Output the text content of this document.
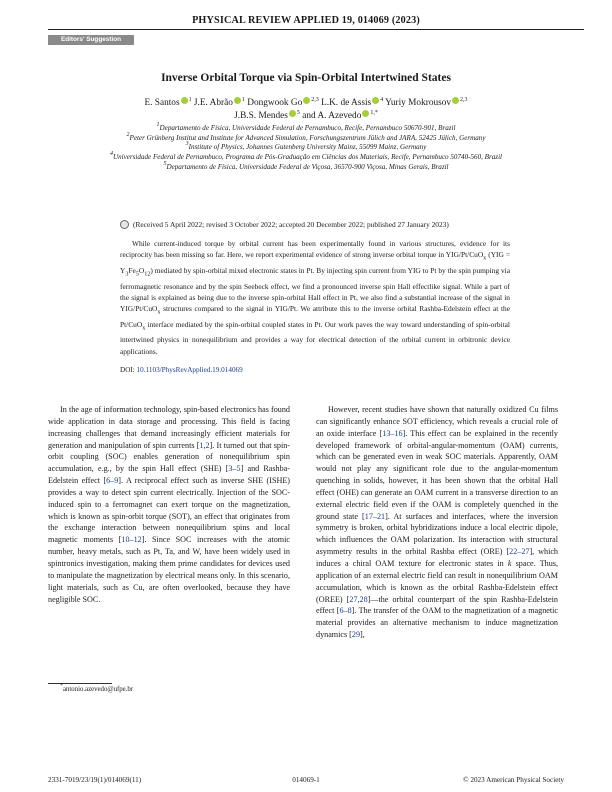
PHYSICAL REVIEW APPLIED 19, 014069 (2023)
Editors' Suggestion
Inverse Orbital Torque via Spin-Orbital Intertwined States
E. Santos $^1$ J.E. Abrão $^1$ Dongwook Go $^{2,3}$ L.K. de Assis $^4$ Yuriy Mokrousov $^{2,3}$
J.B.S. Mendes $^5$ and A. Azevedo $^{1,*}$

$^1$Departamento de Física, Universidade Federal de Pernambuco, Recife, Pernambuco 50670-901, Brazil

$^2$Peter Grünberg Institut and Institute for Advanced Simulation, Forschungszentrum Jülich and JARA, 52425 Jülich, Germany

$^3$Institute of Physics, Johannes Gutenberg University Mainz, 55099 Mainz, Germany

$^4$Universidade Federal de Pernambuco, Programa de Pós-Graduação em Ciências dos Materiais, Recife, Pernambuco 50740-560, Brazil

$^5$Departamento de Física, Universidade Federal de Viçosa, 36570-900 Viçosa, Minas Gerais, Brazil

(Received 5 April 2022; revised 3 October 2022; accepted 20 December 2022; published 27 January 2023)

While current-induced torque by orbital current has been experimentally found in various structures, evidence for its reciprocity has been missing so far. Here, we report experimental evidence of strong inverse orbital torque in YIG/Pt/CuO$_x$ $(YIG = Y_3Fe_5O_{12})$ mediated by spin-orbital mixed electronic states in Pt. By injecting spin current from YIG to Pt by the spin pumping via ferromagnetic resonance and by the spin Seebeck effect, we find a pronounced inverse spin Hall effectlike signal. While a part of the signal is explained as being due to the inverse spin-orbital Hall effect in Pt, we also find a substantial increase of the signal in YIG/Pt/CuO$_x$ structures compared to the signal in YIG/Pt. We attribute this to the inverse orbital Rashba-Edelstein effect at the Pt/CuO$_x$ interface mediated by the spin-orbital coupled states in Pt. Our work paves the way toward understanding of spin-orbital intertwined physics in nonequilibrium and provides a way for electrical detection of the orbital current in orbitronic device applications.

DOI: 10.1103/PhysRevApplied.19.014069

In the age of information technology, spin-based electronics has found wide application in data storage and processing. This field is facing increasing challenges that demand increasingly efficient materials for generation and manipulation of spin currents [1,2]. It turned out that spin-orbit coupling (SOC) enables generation of nonequilibrium spin accumulation, e.g., by the spin Hall effect (SHE) [3–5] and Rashba-Edelstein effect [6–9]. A reciprocal effect such as inverse SHE (ISHE) provides a way to detect spin current electrically. Injection of the SOC-induced spin to a ferromagnet can exert torque on the magnetization, which is known as spin-orbit torque (SOT), an effect that originates from the exchange interaction between nonequilibrium spins and local magnetic moments [10–12]. Since SOC increases with the atomic number, heavy metals, such as Pt, Ta, and W, have been widely used in spintronics investigation, making them prime candidates for devices used to manipulate the magnetization by electrical means only. In this scenario, light materials, such as Cu, are often overlooked, because they have negligible SOC.

However, recent studies have shown that naturally oxidized Cu films can significantly enhance SOT efficiency, which reveals a crucial role of an oxide interface [13–16]. This effect can be explained in the recently developed framework of orbital-angular-momentum (OAM) currents, which can be generated even in weak SOC materials. Apparently, OAM would not play any significant role due to the angular-momentum quenching in solids, however, it has been shown that the orbital Hall effect (OHE) can generate an OAM current in a transverse direction to an external electric field even if the OAM is completely quenched in the ground state [17–21]. At surfaces and interfaces, where the inversion symmetry is broken, orbital hybridizations induce a local electric dipole, which influences the OAM polarization. Its interaction with structural asymmetry results in the orbital Rashba effect (ORE) [22–27], which induces a chiral OAM texture for electronic states in k space. Thus, application of an external electric field can result in nonequilibrium OAM accumulation, which is known as the orbital Rashba-Edelstein effect (OREE) [27,28]—the orbital counterpart of the spin Rashba-Edelstein effect [6–8]. The transfer of the OAM to the magnetization of a magnetic material provides an alternative mechanism to induce magnetization dynamics [29],

*antonio.azevedo@ufpe.br
2331-7019/23/19(1)/014069(11)	014069-1	© 2023 American Physical Society
